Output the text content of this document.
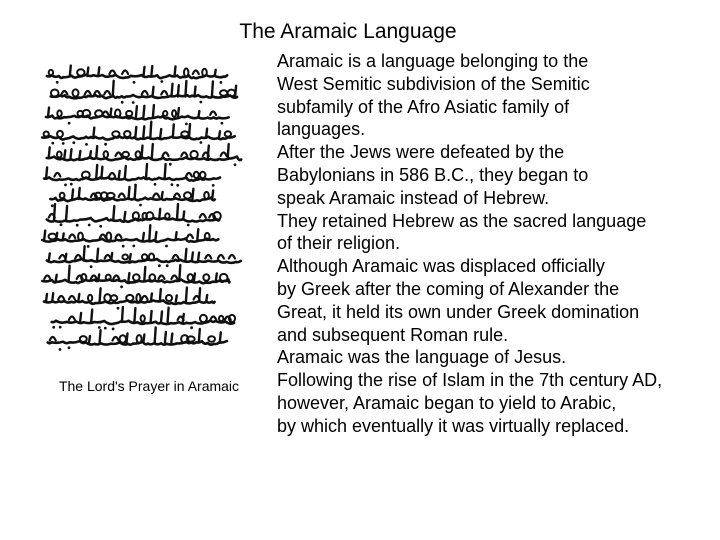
The Aramaic Language
The Lord's Prayer in Aramaic
Aramaic is a language belonging to the
West Semitic subdivision of the Semitic
subfamily of the Afro Asiatic family of
languages.
After the Jews were defeated by the
Babylonians in 586 B.C., they began to
speak Aramaic instead of Hebrew.
They retained Hebrew as the sacred language
of their religion.
Although Aramaic was displaced officially
by Greek after the coming of Alexander the
Great, it held its own under Greek domination
and subsequent Roman rule.
Aramaic was the language of Jesus.
Following the rise of Islam in the 7th century AD,
however, Aramaic began to yield to Arabic,
by which eventually it was virtually replaced.
